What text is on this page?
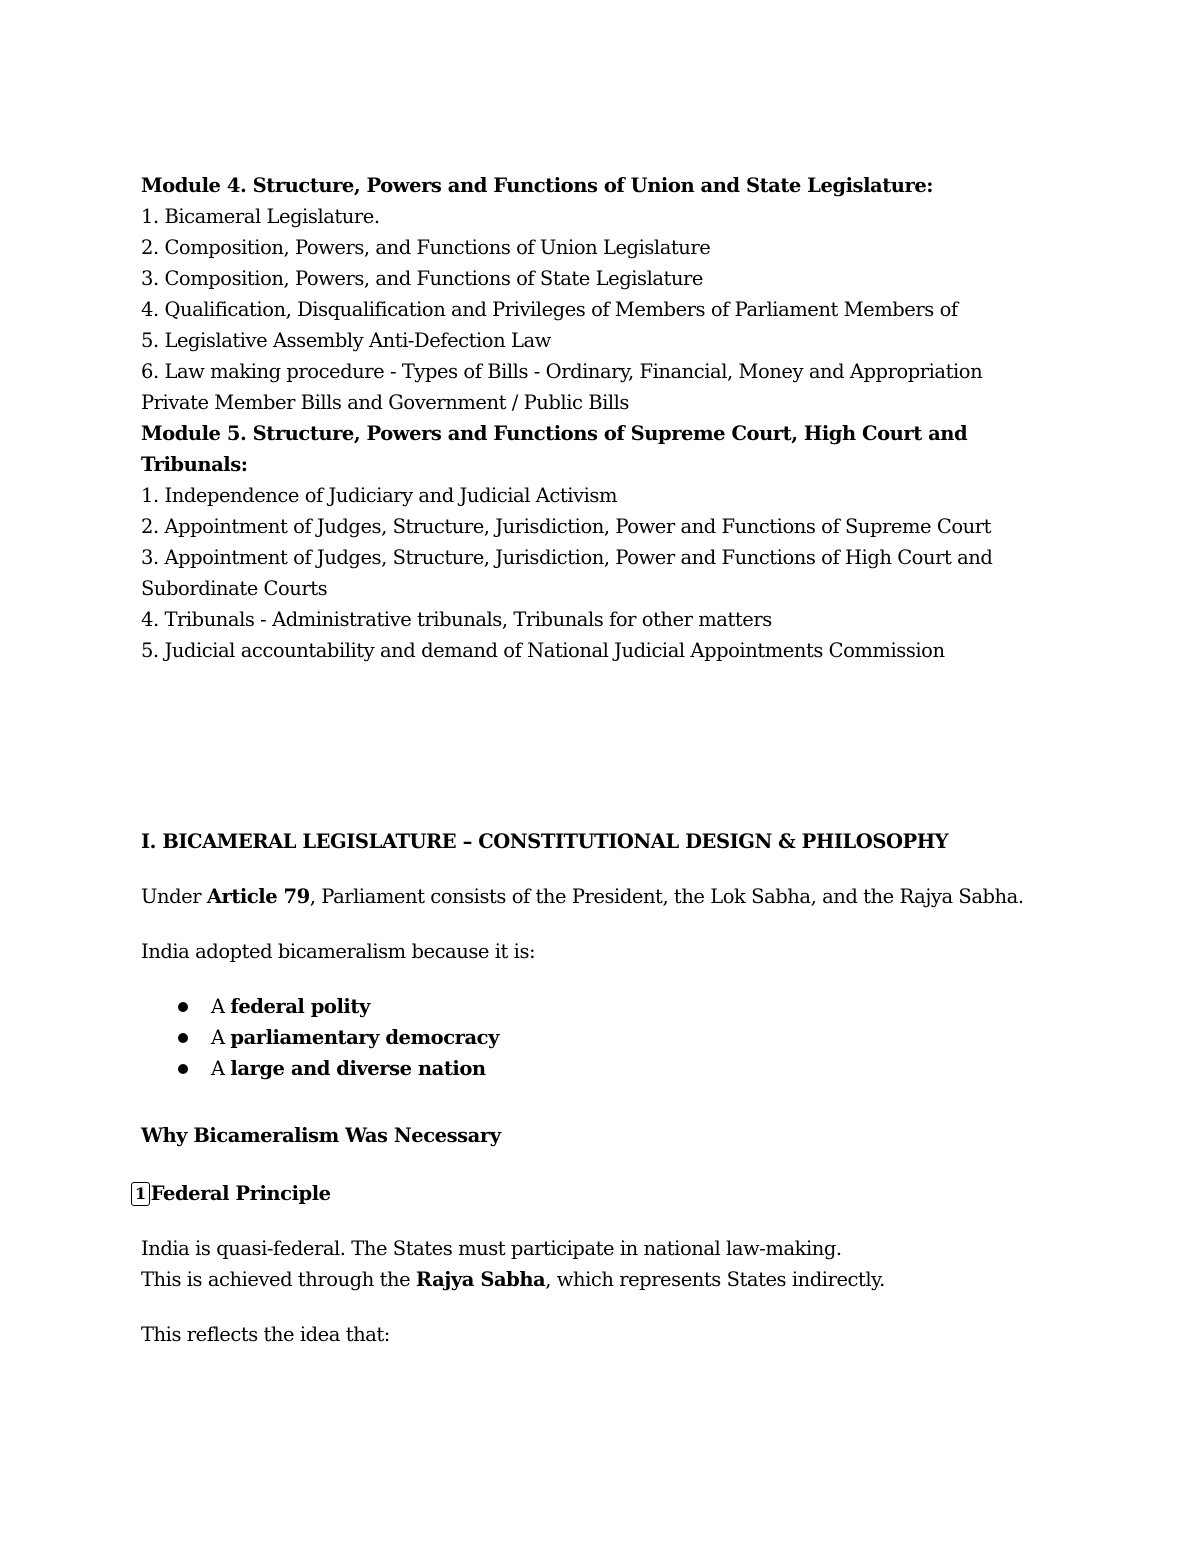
Module 4. Structure, Powers and Functions of Union and State Legislature:

1. Bicameral Legislature.

2. Composition, Powers, and Functions of Union Legislature

3. Composition, Powers, and Functions of State Legislature

4. Qualification, Disqualification and Privileges of Members of Parliament Members of

5. Legislative Assembly Anti-Defection Law

6. Law making procedure - Types of Bills - Ordinary, Financial, Money and Appropriation

Private Member Bills and Government / Public Bills

Module 5. Structure, Powers and Functions of Supreme Court, High Court and

Tribunals:

1. Independence of Judiciary and Judicial Activism

2. Appointment of Judges, Structure, Jurisdiction, Power and Functions of Supreme Court

3. Appointment of Judges, Structure, Jurisdiction, Power and Functions of High Court and

Subordinate Courts

4. Tribunals - Administrative tribunals, Tribunals for other matters

5. Judicial accountability and demand of National Judicial Appointments Commission

I. BICAMERAL LEGISLATURE – CONSTITUTIONAL DESIGN & PHILOSOPHY

Under Article 79, Parliament consists of the President, the Lok Sabha, and the Rajya Sabha.

India adopted bicameralism because it is:

A federal polity
A parliamentary democracy
A large and diverse nation

Why Bicameralism Was Necessary

1 Federal Principle

India is quasi-federal. The States must participate in national law-making.

This is achieved through the Rajya Sabha, which represents States indirectly.

This reflects the idea that:
